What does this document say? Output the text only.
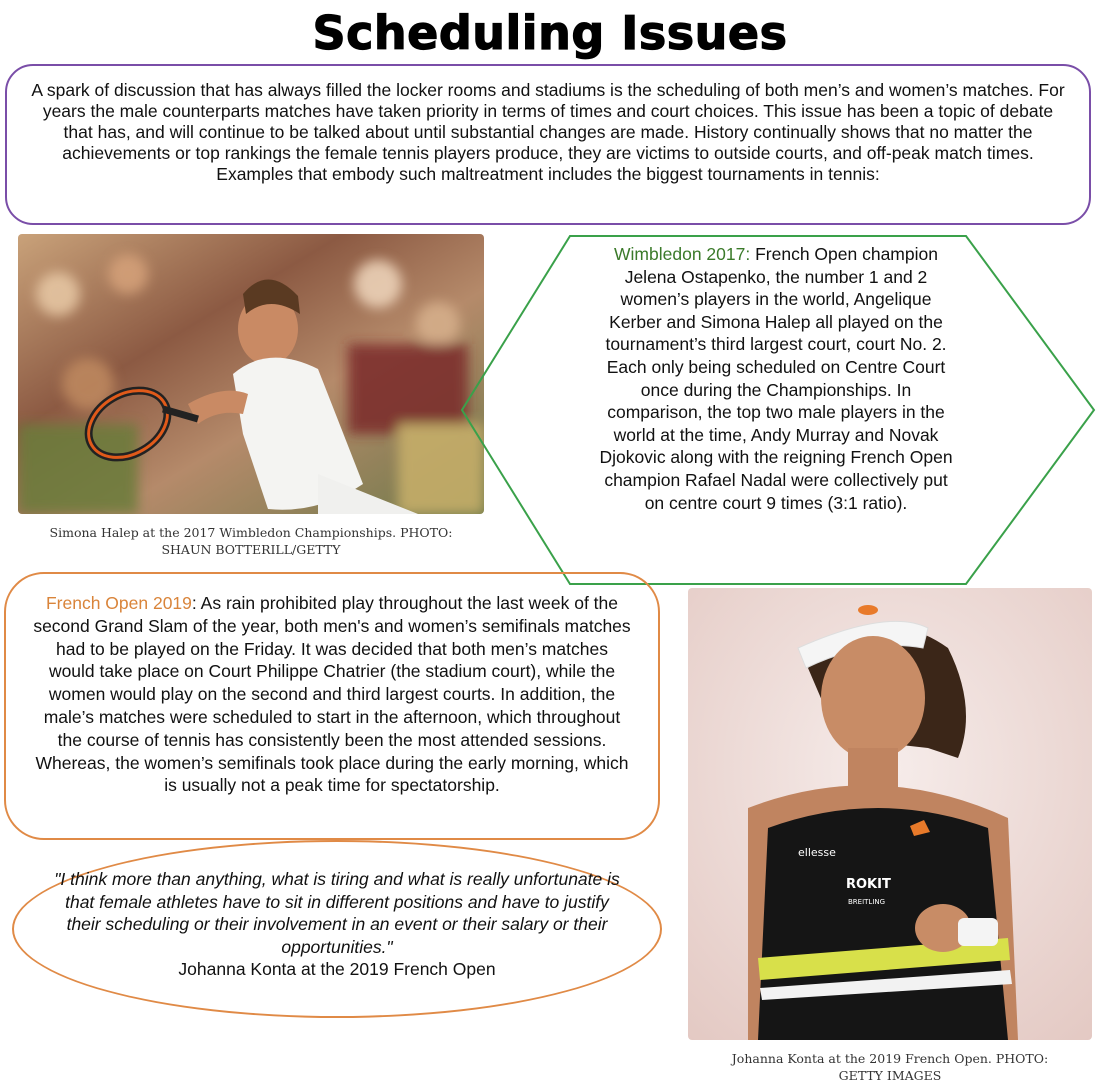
Scheduling Issues
A spark of discussion that has always filled the locker rooms and stadiums is the scheduling of both men’s and women’s matches. For years the male counterparts matches have taken priority in terms of times and court choices. This issue has been a topic of debate that has, and will continue to be talked about until substantial changes are made. History continually shows that no matter the achievements or top rankings the female tennis players produce, they are victims to outside courts, and off-peak match times. Examples that embody such maltreatment includes the biggest tournaments in tennis:
Simona Halep at the 2017 Wimbledon Championships. PHOTO:
SHAUN BOTTERILL/GETTY
Wimbledon 2017: French Open champion Jelena Ostapenko, the number 1 and 2 women’s players in the world, Angelique Kerber and Simona Halep all played on the tournament’s third largest court, court No. 2. Each only being scheduled on Centre Court once during the Championships. In comparison, the top two male players in the world at the time, Andy Murray and Novak Djokovic along with the reigning French Open champion Rafael Nadal were collectively put on centre court 9 times (3:1 ratio).
French Open 2019: As rain prohibited play throughout the last week of the second Grand Slam of the year, both men's and women’s semifinals matches had to be played on the Friday. It was decided that both men’s matches would take place on Court Philippe Chatrier (the stadium court), while the women would play on the second and third largest courts. In addition, the male’s matches were scheduled to start in the afternoon, which throughout the course of tennis has consistently been the most attended sessions. Whereas, the women’s semifinals took place during the early morning, which is usually not a peak time for spectatorship.
"I think more than anything, what is tiring and what is really unfortunate is that female athletes have to sit in different positions and have to justify their scheduling or their involvement in an event or their salary or their opportunities."
Johanna Konta at the 2019 French Open
ellesse
ROKIT
BREITLING
Johanna Konta at the 2019 French Open. PHOTO:
GETTY IMAGES
